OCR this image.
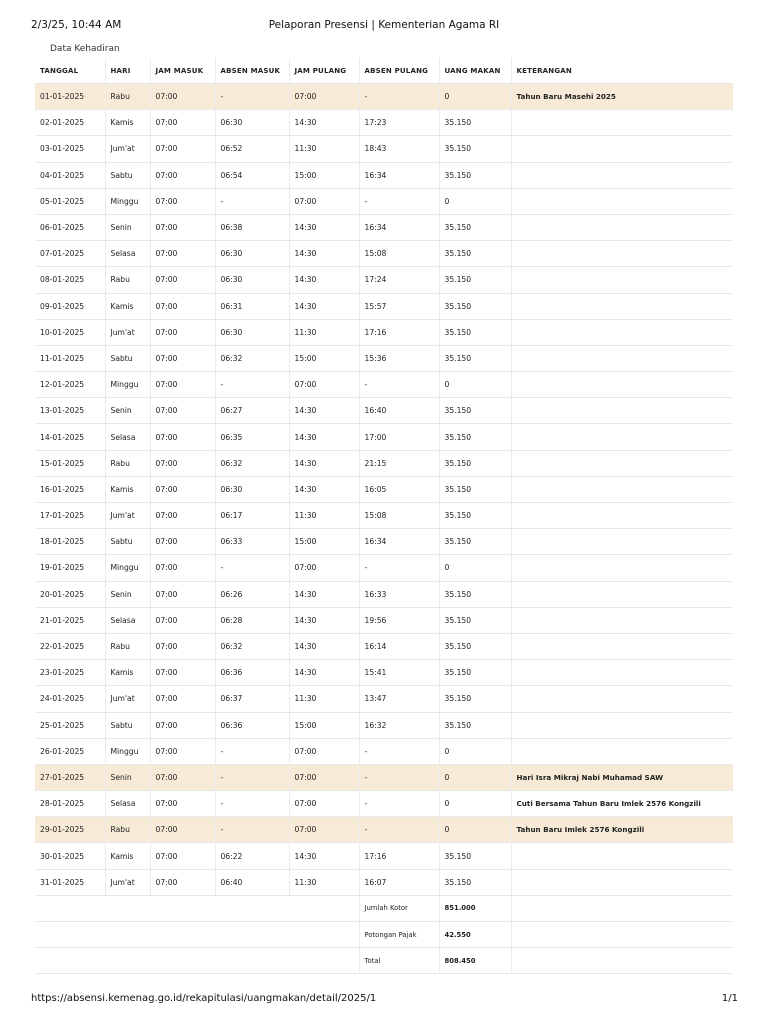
2/3/25, 10:44 AM	Pelaporan Presensi | Kementerian Agama RI
Data Kehadiran
TANGGAL	HARI	JAM MASUK	ABSEN MASUK	JAM PULANG	ABSEN PULANG	UANG MAKAN	KETERANGAN
01-01-2025	Rabu	07:00	-	07:00	-	0	Tahun Baru Masehi 2025
02-01-2025	Kamis	07:00	06:30	14:30	17:23	35.150	
03-01-2025	Jum'at	07:00	06:52	11:30	18:43	35.150	
04-01-2025	Sabtu	07:00	06:54	15:00	16:34	35.150	
05-01-2025	Minggu	07:00	-	07:00	-	0	
06-01-2025	Senin	07:00	06:38	14:30	16:34	35.150	
07-01-2025	Selasa	07:00	06:30	14:30	15:08	35.150	
08-01-2025	Rabu	07:00	06:30	14:30	17:24	35.150	
09-01-2025	Kamis	07:00	06:31	14:30	15:57	35.150	
10-01-2025	Jum'at	07:00	06:30	11:30	17:16	35.150	
11-01-2025	Sabtu	07:00	06:32	15:00	15:36	35.150	
12-01-2025	Minggu	07:00	-	07:00	-	0	
13-01-2025	Senin	07:00	06:27	14:30	16:40	35.150	
14-01-2025	Selasa	07:00	06:35	14:30	17:00	35.150	
15-01-2025	Rabu	07:00	06:32	14:30	21:15	35.150	
16-01-2025	Kamis	07:00	06:30	14:30	16:05	35.150	
17-01-2025	Jum'at	07:00	06:17	11:30	15:08	35.150	
18-01-2025	Sabtu	07:00	06:33	15:00	16:34	35.150	
19-01-2025	Minggu	07:00	-	07:00	-	0	
20-01-2025	Senin	07:00	06:26	14:30	16:33	35.150	
21-01-2025	Selasa	07:00	06:28	14:30	19:56	35.150	
22-01-2025	Rabu	07:00	06:32	14:30	16:14	35.150	
23-01-2025	Kamis	07:00	06:36	14:30	15:41	35.150	
24-01-2025	Jum'at	07:00	06:37	11:30	13:47	35.150	
25-01-2025	Sabtu	07:00	06:36	15:00	16:32	35.150	
26-01-2025	Minggu	07:00	-	07:00	-	0	
27-01-2025	Senin	07:00	-	07:00	-	0	Hari Isra Mikraj Nabi Muhamad SAW
28-01-2025	Selasa	07:00	-	07:00	-	0	Cuti Bersama Tahun Baru Imlek 2576 Kongzili
29-01-2025	Rabu	07:00	-	07:00	-	0	Tahun Baru Imlek 2576 Kongzili
30-01-2025	Kamis	07:00	06:22	14:30	17:16	35.150	
31-01-2025	Jum'at	07:00	06:40	11:30	16:07	35.150	
					Jumlah Kotor	851.000	
					Potongan Pajak	42.550	
					Total	808.450	
https://absensi.kemenag.go.id/rekapitulasi/uangmakan/detail/2025/1	1/1
